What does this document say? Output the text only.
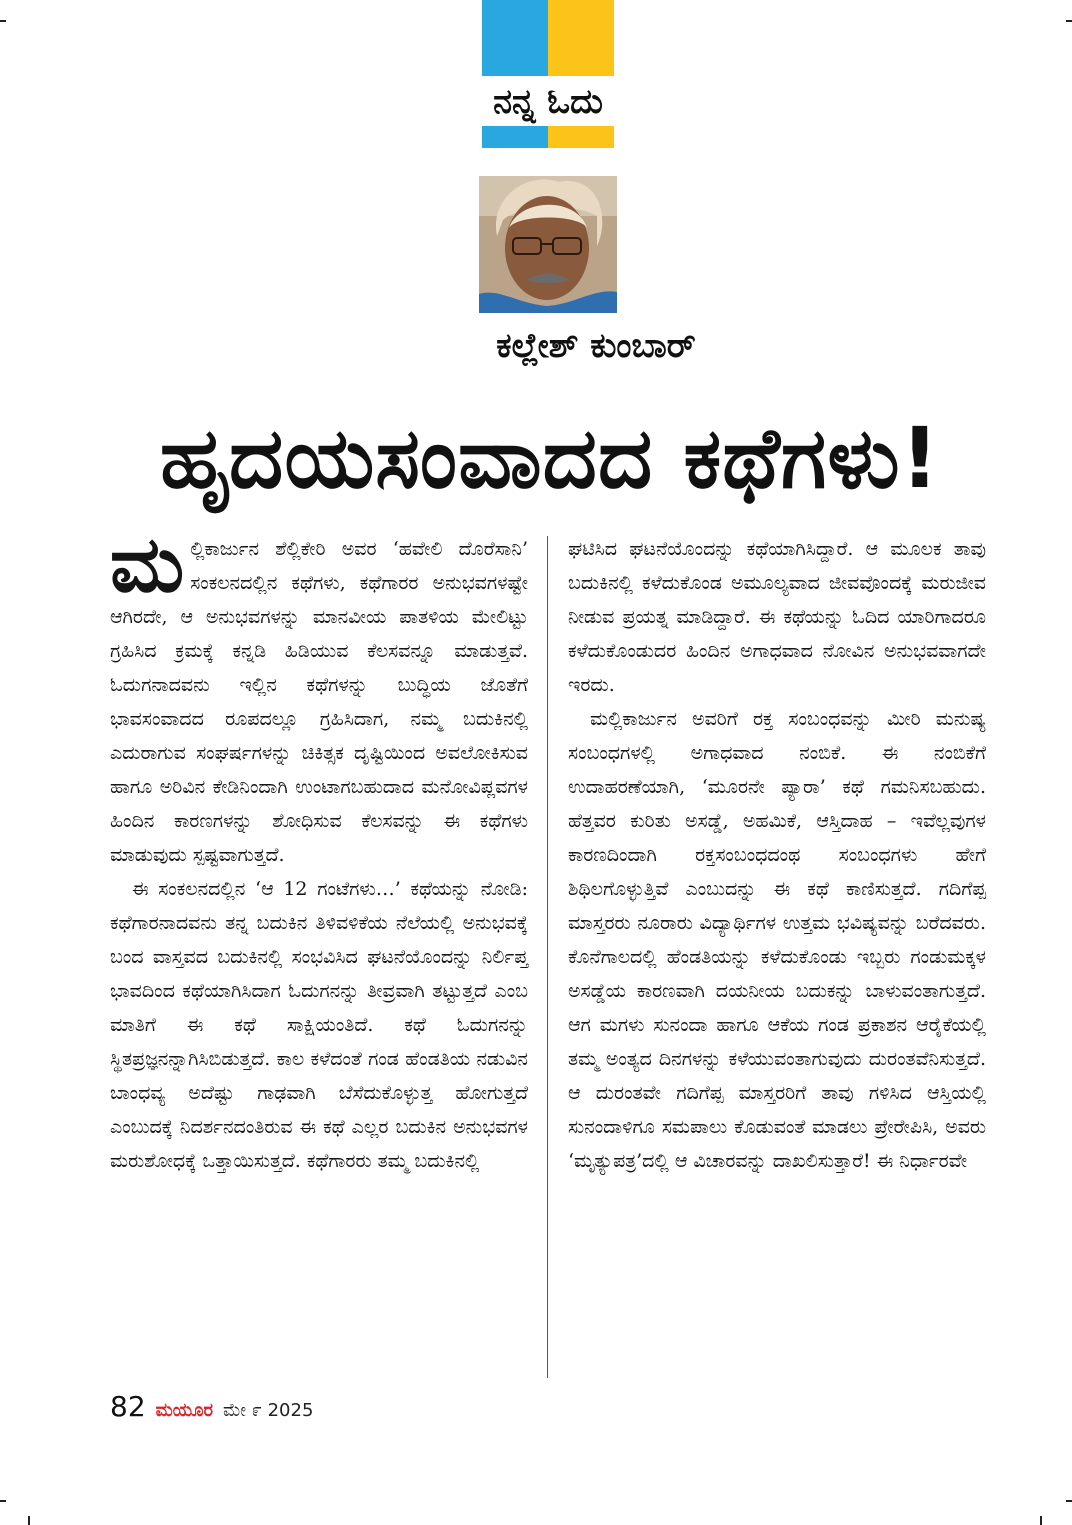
ನನ್ನ ಓದು
ಕಲ್ಲೇಶ್ ಕುಂಬಾರ್
ಹೃದಯಸಂವಾದದ ಕಥೆಗಳು!

ಮಲ್ಲಿಕಾರ್ಜುನ ಶೆಲ್ಲಿಕೇರಿ ಅವರ ‘ಹವೇಲಿ ದೊರೆಸಾನಿ’ ಸಂಕಲನದಲ್ಲಿನ ಕಥೆಗಳು, ಕಥೆಗಾರರ ಅನುಭವಗಳಷ್ಟೇ ಆಗಿರದೇ, ಆ ಅನುಭವಗಳನ್ನು ಮಾನವೀಯ ಪಾತಳಿಯ ಮೇಲಿಟ್ಟು ಗ್ರಹಿಸಿದ ಕ್ರಮಕ್ಕೆ ಕನ್ನಡಿ ಹಿಡಿಯುವ ಕೆಲಸವನ್ನೂ ಮಾಡುತ್ತವೆ. ಓದುಗನಾದವನು ಇಲ್ಲಿನ ಕಥೆಗಳನ್ನು ಬುದ್ಧಿಯ ಜೊತೆಗೆ ಭಾವಸಂವಾದದ ರೂಪದಲ್ಲೂ ಗ್ರಹಿಸಿದಾಗ, ನಮ್ಮ ಬದುಕಿನಲ್ಲಿ ಎದುರಾಗುವ ಸಂಘರ್ಷಗಳನ್ನು ಚಿಕಿತ್ಸಕ ದೃಷ್ಟಿಯಿಂದ ಅವಲೋಕಿಸುವ ಹಾಗೂ ಅರಿವಿನ ಕೇಡಿನಿಂದಾಗಿ ಉಂಟಾಗಬಹುದಾದ ಮನೋವಿಪ್ಲವಗಳ ಹಿಂದಿನ ಕಾರಣಗಳನ್ನು ಶೋಧಿಸುವ ಕೆಲಸವನ್ನು ಈ ಕಥೆಗಳು ಮಾಡುವುದು ಸ್ಪಷ್ಟವಾಗುತ್ತದೆ.

ಈ ಸಂಕಲನದಲ್ಲಿನ ‘ಆ 12 ಗಂಟೆಗಳು…’ ಕಥೆಯನ್ನು ನೋಡಿ: ಕಥೆಗಾರನಾದವನು ತನ್ನ ಬದುಕಿನ ತಿಳಿವಳಿಕೆಯ ನೆಲೆಯಲ್ಲಿ ಅನುಭವಕ್ಕೆ ಬಂದ ವಾಸ್ತವದ ಬದುಕಿನಲ್ಲಿ ಸಂಭವಿಸಿದ ಘಟನೆಯೊಂದನ್ನು ನಿರ್ಲಿಪ್ತ ಭಾವದಿಂದ ಕಥೆಯಾಗಿಸಿದಾಗ ಓದುಗನನ್ನು ತೀವ್ರವಾಗಿ ತಟ್ಟುತ್ತದೆ ಎಂಬ ಮಾತಿಗೆ ಈ ಕಥೆ ಸಾಕ್ಷಿಯಂತಿದೆ. ಕಥೆ ಓದುಗನನ್ನು ಸ್ಥಿತಪ್ರಜ್ಞನನ್ನಾಗಿಸಿಬಿಡುತ್ತದೆ. ಕಾಲ ಕಳೆದಂತೆ ಗಂಡ ಹೆಂಡತಿಯ ನಡುವಿನ ಬಾಂಧವ್ಯ ಅದೆಷ್ಟು ಗಾಢವಾಗಿ ಬೆಸೆದುಕೊಳ್ಳುತ್ತ ಹೋಗುತ್ತದೆ ಎಂಬುದಕ್ಕೆ ನಿದರ್ಶನದಂತಿರುವ ಈ ಕಥೆ ಎಲ್ಲರ ಬದುಕಿನ ಅನುಭವಗಳ ಮರುಶೋಧಕ್ಕೆ ಒತ್ತಾಯಿಸುತ್ತದೆ. ಕಥೆಗಾರರು ತಮ್ಮ ಬದುಕಿನಲ್ಲಿ

ಘಟಿಸಿದ ಘಟನೆಯೊಂದನ್ನು ಕಥೆಯಾಗಿಸಿದ್ದಾರೆ. ಆ ಮೂಲಕ ತಾವು ಬದುಕಿನಲ್ಲಿ ಕಳೆದುಕೊಂಡ ಅಮೂಲ್ಯವಾದ ಜೀವವೊಂದಕ್ಕೆ ಮರುಜೀವ ನೀಡುವ ಪ್ರಯತ್ನ ಮಾಡಿದ್ದಾರೆ. ಈ ಕಥೆಯನ್ನು ಓದಿದ ಯಾರಿಗಾದರೂ ಕಳೆದುಕೊಂಡುದರ ಹಿಂದಿನ ಅಗಾಧವಾದ ನೋವಿನ ಅನುಭವವಾಗದೇ ಇರದು.

ಮಲ್ಲಿಕಾರ್ಜುನ ಅವರಿಗೆ ರಕ್ತ ಸಂಬಂಧವನ್ನು ಮೀರಿ ಮನುಷ್ಯ ಸಂಬಂಧಗಳಲ್ಲಿ ಅಗಾಧವಾದ ನಂಬಿಕೆ. ಈ ನಂಬಿಕೆಗೆ ಉದಾಹರಣೆಯಾಗಿ, ‘ಮೂರನೇ ಪ್ಯಾರಾ’ ಕಥೆ ಗಮನಿಸಬಹುದು. ಹೆತ್ತವರ ಕುರಿತು ಅಸಡ್ಡೆ, ಅಹಮಿಕೆ, ಆಸ್ತಿದಾಹ – ಇವೆಲ್ಲವುಗಳ ಕಾರಣದಿಂದಾಗಿ ರಕ್ತಸಂಬಂಧದಂಥ ಸಂಬಂಧಗಳು ಹೇಗೆ ಶಿಥಿಲಗೊಳ್ಳುತ್ತಿವೆ ಎಂಬುದನ್ನು ಈ ಕಥೆ ಕಾಣಿಸುತ್ತದೆ. ಗದಿಗೆಪ್ಪ ಮಾಸ್ತರರು ನೂರಾರು ವಿದ್ಯಾರ್ಥಿಗಳ ಉತ್ತಮ ಭವಿಷ್ಯವನ್ನು ಬರೆದವರು. ಕೊನೆಗಾಲದಲ್ಲಿ ಹೆಂಡತಿಯನ್ನು ಕಳೆದುಕೊಂಡು ಇಬ್ಬರು ಗಂಡುಮಕ್ಕಳ ಅಸಡ್ಡೆಯ ಕಾರಣವಾಗಿ ದಯನೀಯ ಬದುಕನ್ನು ಬಾಳುವಂತಾಗುತ್ತದೆ. ಆಗ ಮಗಳು ಸುನಂದಾ ಹಾಗೂ ಆಕೆಯ ಗಂಡ ಪ್ರಕಾಶನ ಆರೈಕೆಯಲ್ಲಿ ತಮ್ಮ ಅಂತ್ಯದ ದಿನಗಳನ್ನು ಕಳೆಯುವಂತಾಗುವುದು ದುರಂತವೆನಿಸುತ್ತದೆ. ಆ ದುರಂತವೇ ಗದಿಗೆಪ್ಪ ಮಾಸ್ತರರಿಗೆ ತಾವು ಗಳಿಸಿದ ಆಸ್ತಿಯಲ್ಲಿ ಸುನಂದಾಳಿಗೂ ಸಮಪಾಲು ಕೊಡುವಂತೆ ಮಾಡಲು ಪ್ರೇರೇಪಿಸಿ, ಅವರು ‘ಮೃತ್ಯುಪತ್ರ’ದಲ್ಲಿ ಆ ವಿಚಾರವನ್ನು ದಾಖಲಿಸುತ್ತಾರೆ! ಈ ನಿರ್ಧಾರವೇ

82 ಮಯೂರ ಮೇ ೯ 2025
